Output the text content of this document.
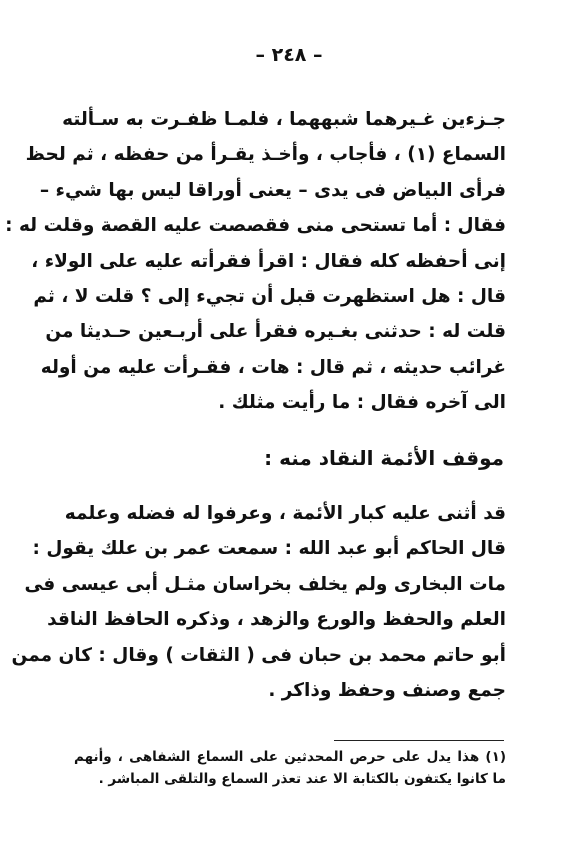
– ٢٤٨ –
جـزءين غـيرهما شبههما ، فلمـا ظفـرت به سـألته
السماع (١) ، فأجاب ، وأخـذ يقـرأ من حفظه ، ثم لحظ
فرأى البياض فى يدى – يعنى أوراقا ليس بها شيء –
فقال : أما تستحى منى فقصصت عليه القصة وقلت له :
إنى أحفظه كله فقال : اقرأ فقرأته عليه على الولاء ،
قال : هل استظهرت قبل أن تجيء إلى ؟ قلت لا ، ثم
قلت له : حدثنى بغـيره فقرأ على أربـعين حـديثا من
غرائب حديثه ، ثم قال : هات ، فقـرأت عليه من أوله
الى آخره فقال : ما رأيت مثلك .
موقف الأئمة النقاد منه :
قد أثنى عليه كبار الأئمة ، وعرفوا له فضله وعلمه
قال الحاكم أبو عبد الله : سمعت عمر بن علك يقول :
مات البخارى ولم يخلف بخراسان مثـل أبى عيسى فى
العلم والحفظ والورع والزهد ، وذكره الحافظ الناقد
أبو حاتم محمد بن حبان فى ( الثقات ) وقال : كان ممن
جمع وصنف وحفظ وذاكر .
(١) هذا يدل على حرص المحدثين على السماع الشفاهى ، وأنهم
ما كانوا يكتفون بالكتابة الا عند تعذر السماع والتلقى المباشر .
